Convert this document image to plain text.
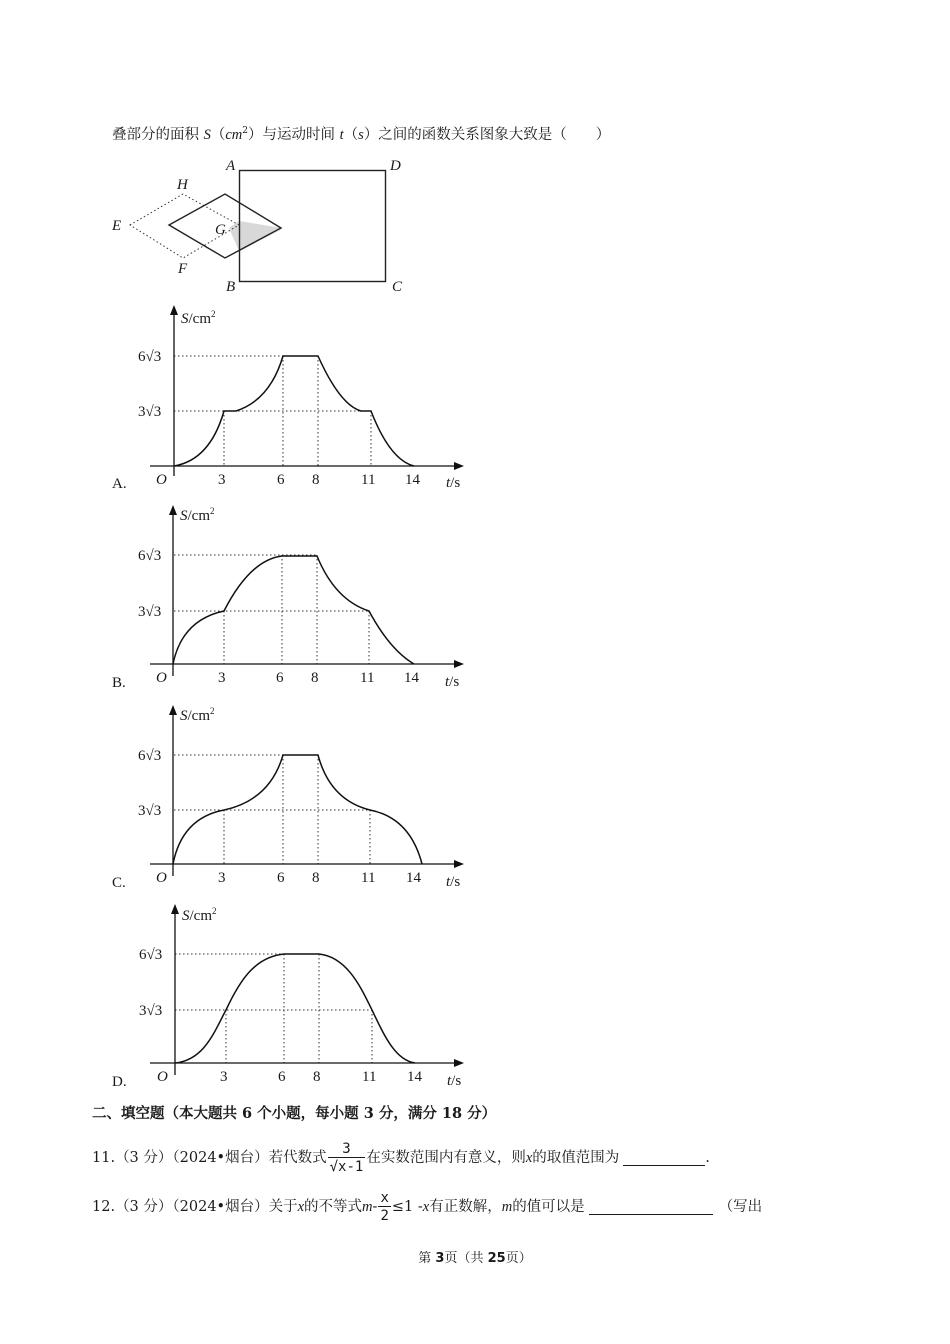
叠部分的面积 $S(cm^2)$与运动时间 t（s）之间的函数关系图象大致是（　　）
A	D
B	C
E
H
F
G
$S/cm^2$
6√3
3√3
O	3	6 8	11 14 t/s
A.
$S/cm^2$
6√3
3√3
O	3	6 8	11 14 t/s
B.
$S/cm^2$
6√3
3√3
O	3	6 8	11 14 t/s
C.
$S/cm^2$
6√3
3√3
O	3	6 8	11 14 t/s
D.
二、填空题（本大题共 6 个小题，每小题 3 分，满分 18 分）
11. （3 分）（2024•烟台）若代数式 $\frac{3}{√x-1}$ 在实数范围内有意义，则 x 的取值范围为	.
12. （3 分）（2024•烟台）关于 x 的不等式 $m - \frac{x}{2} \le 1 - x$ 有正数解， m 的值可以是	（写出
第 3页（共 25页）
